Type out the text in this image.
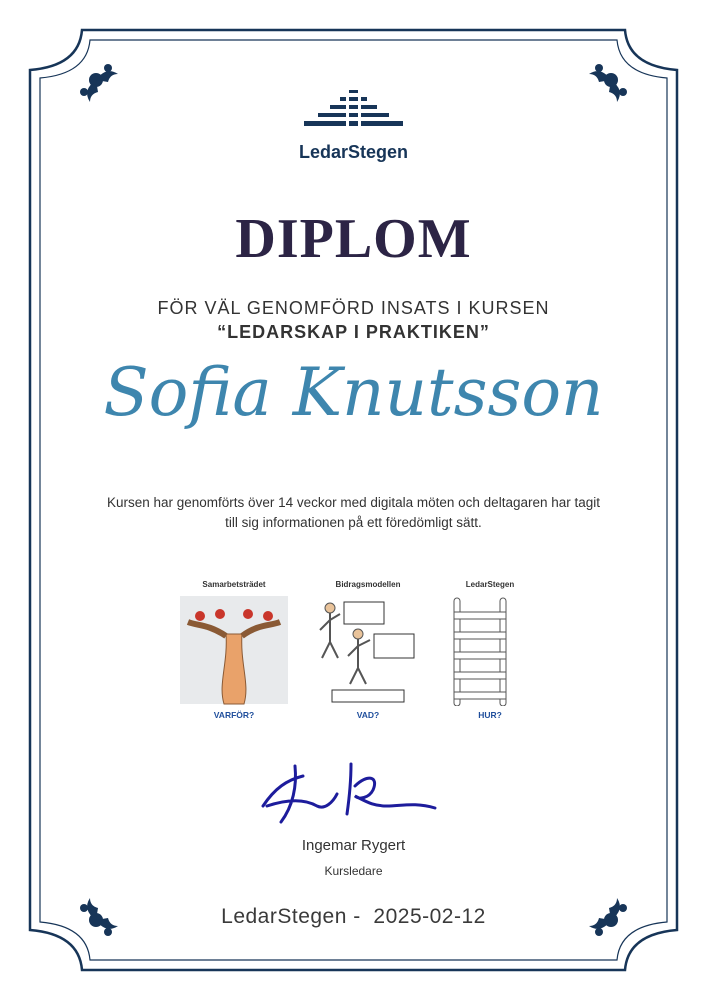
LedarStegen
DIPLOM
FÖR VÄL GENOMFÖRD INSATS I KURSEN
“LEDARSKAP I PRAKTIKEN”
Sofia Knutsson
Kursen har genomförts över 14 veckor med digitala möten och deltagaren har tagit till sig informationen på ett föredömligt sätt.
Samarbetsträdet
VARFÖR?
Bidragsmodellen
VAD?
LedarStegen
HUR?
Ingemar Rygert
Kursledare
LedarStegen - 2025-02-12
